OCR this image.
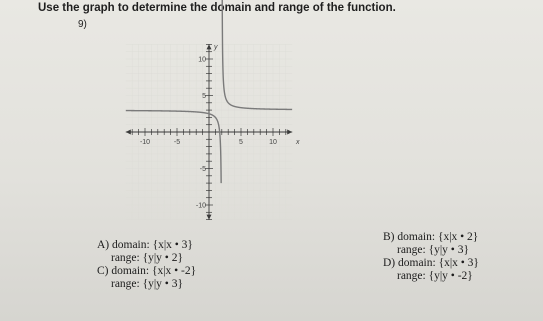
Use the graph to determine the domain and range of the function.
9)
-10	-5	5	10
10
5
-5
-10
x
y
A) domain: {x|x • 3}
range: {y|y • 2}
C) domain: {x|x • -2}
range: {y|y • 3}
B) domain: {x|x • 2}
range: {y|y • 3}
D) domain: {x|x • 3}
range: {y|y • -2}
